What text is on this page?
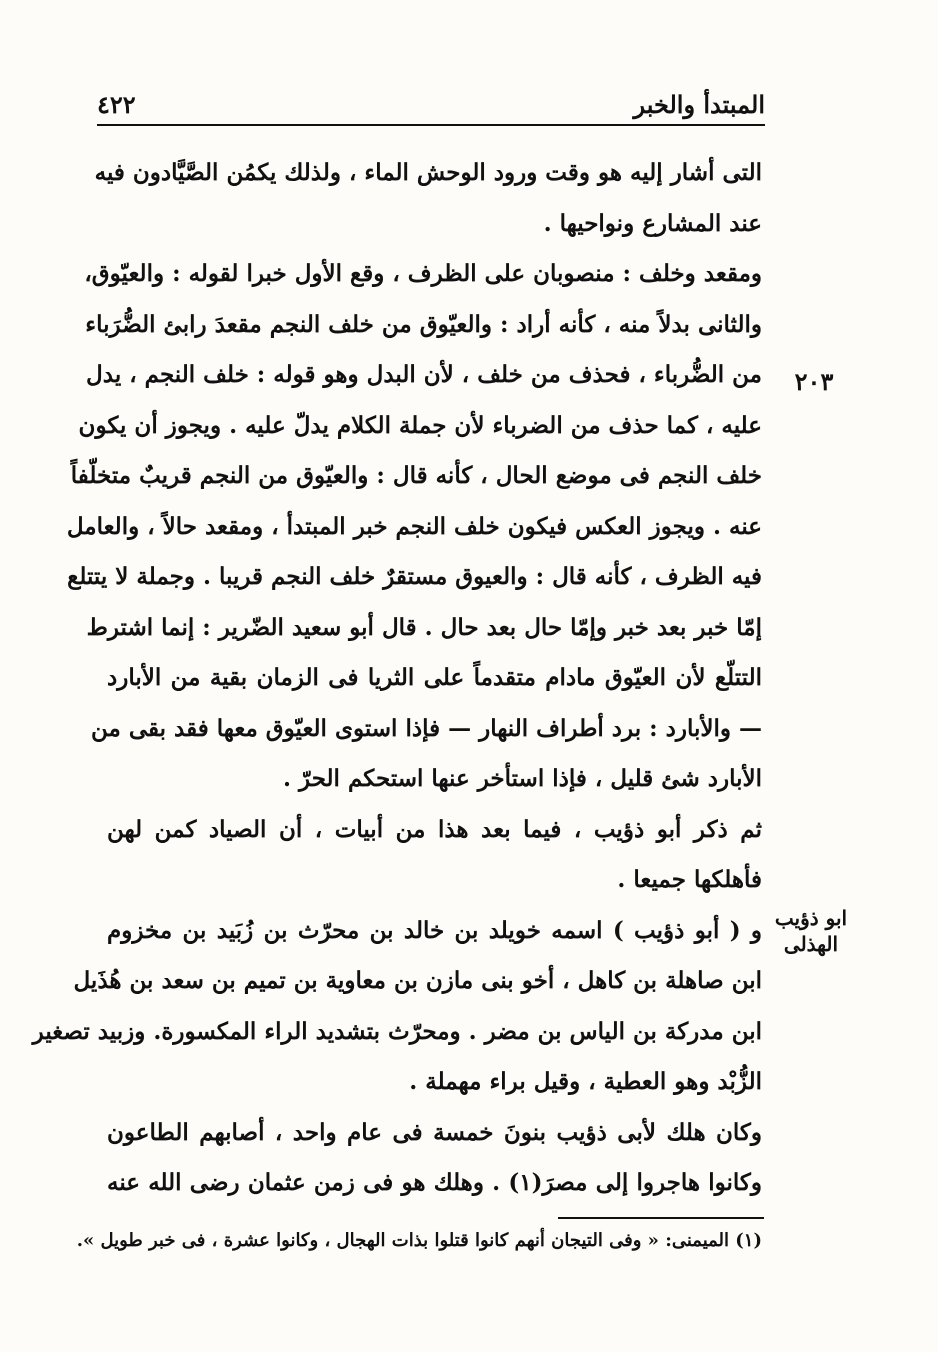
المبتدأ والخبر
٤٢٢
٢٠٣
ابو ذؤيب
الهذلى
التى أشار إليه هو وقت ورود الوحش الماء ، ولذلك يكمُن الصَّيَّادون فيه
عند المشارع ونواحيها .
ومقعد وخلف : منصوبان على الظرف ، وقع الأول خبرا لقوله : والعيّوق،
والثانى بدلاً منه ، كأنه أراد : والعيّوق من خلف النجم مقعدَ رابئ الضُّرَباء
من الضُّرباء ، فحذف من خلف ، لأن البدل وهو قوله : خلف النجم ، يدل
عليه ، كما حذف من الضرباء لأن جملة الكلام يدلّ عليه . ويجوز أن يكون
خلف النجم فى موضع الحال ، كأنه قال : والعيّوق من النجم قريبٌ متخلّفاً
عنه . ويجوز العكس فيكون خلف النجم خبر المبتدأ ، ومقعد حالاً ، والعامل
فيه الظرف ، كأنه قال : والعيوق مستقرٌ خلف النجم قريبا . وجملة لا يتتلع
إمّا خبر بعد خبر وإمّا حال بعد حال . قال أبو سعيد الضّرير : إنما اشترط
التتلّع لأن العيّوق مادام متقدماً على الثريا فى الزمان بقية من الأبارد
— والأبارد : برد أطراف النهار — فإذا استوى العيّوق معها فقد بقى من
الأبارد شئ قليل ، فإذا استأخر عنها استحكم الحرّ .
ثم ذكر أبو ذؤيب ، فيما بعد هذا من أبيات ، أن الصياد كمن لهن
فأهلكها جميعا .
و ( أبو ذؤيب ) اسمه خويلد بن خالد بن محرّث بن زُبَيد بن مخزوم
ابن صاهلة بن كاهل ، أخو بنى مازن بن معاوية بن تميم بن سعد بن هُذَيل
ابن مدركة بن الياس بن مضر . ومحرّث بتشديد الراء المكسورة. وزبيد تصغير
الزُّبْد وهو العطية ، وقيل براء مهملة .
وكان هلك لأبى ذؤيب بنونَ خمسة فى عام واحد ، أصابهم الطاعون
وكانوا هاجروا إلى مصرَ(١) . وهلك هو فى زمن عثمان رضى الله عنه
(١) الميمنى: « وفى التيجان أنهم كانوا قتلوا بذات الهجال ، وكانوا عشرة ، فى خبر طويل ».
